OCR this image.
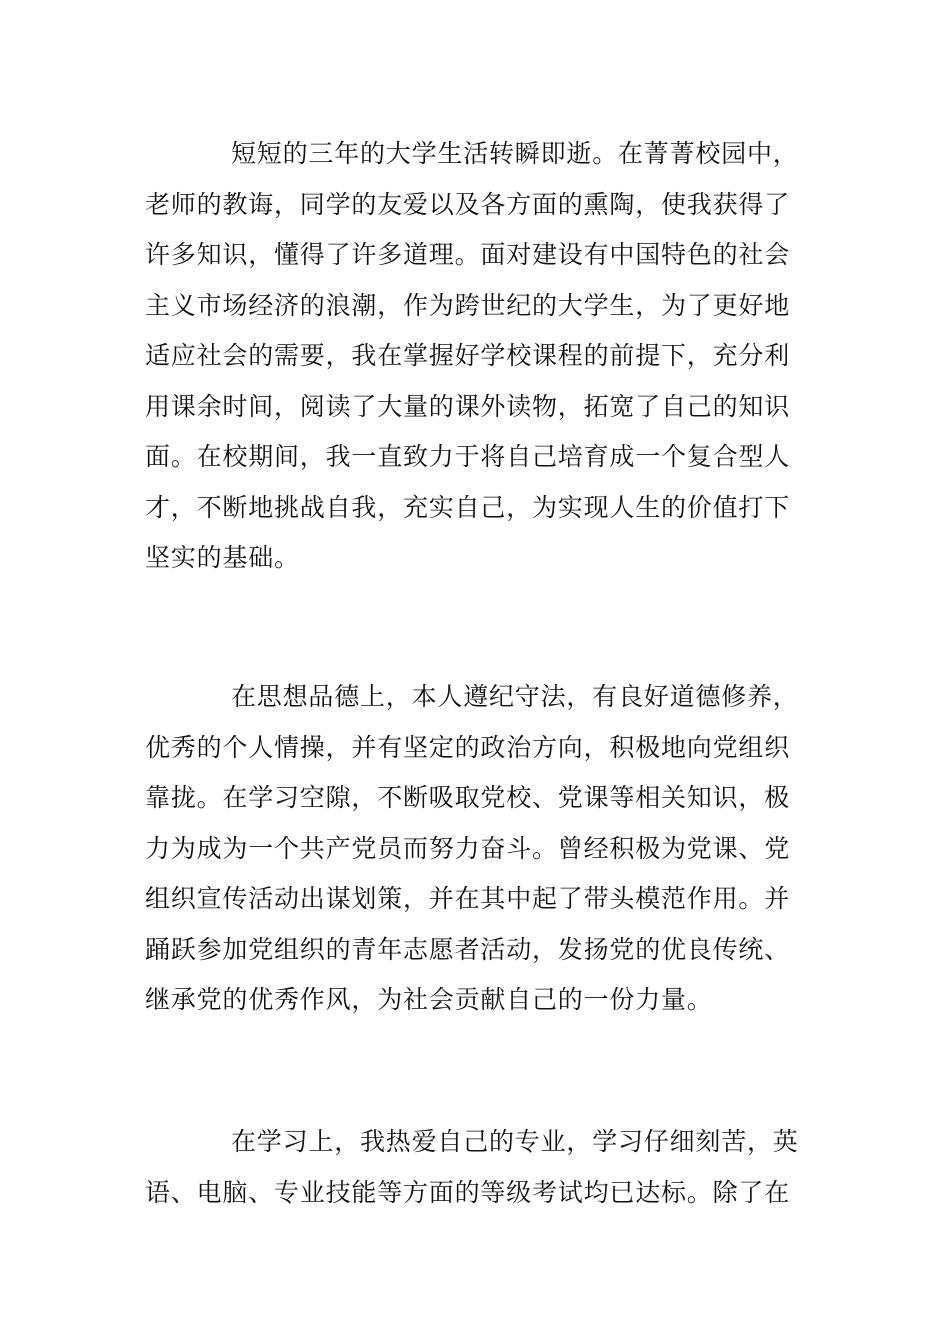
短短的三年的大学生活转瞬即逝。在菁菁校园中，
老师的教诲，同学的友爱以及各方面的熏陶，使我获得了
许多知识，懂得了许多道理。面对建设有中国特色的社会
主义市场经济的浪潮，作为跨世纪的大学生，为了更好地
适应社会的需要，我在掌握好学校课程的前提下，充分利
用课余时间，阅读了大量的课外读物，拓宽了自己的知识
面。在校期间，我一直致力于将自己培育成一个复合型人
才，不断地挑战自我，充实自己，为实现人生的价值打下
坚实的基础。
在思想品德上，本人遵纪守法，有良好道德修养，
优秀的个人情操，并有坚定的政治方向，积极地向党组织
靠拢。在学习空隙，不断吸取党校、党课等相关知识，极
力为成为一个共产党员而努力奋斗。曾经积极为党课、党
组织宣传活动出谋划策，并在其中起了带头模范作用。并
踊跃参加党组织的青年志愿者活动，发扬党的优良传统、
继承党的优秀作风，为社会贡献自己的一份力量。
在学习上，我热爱自己的专业，学习仔细刻苦，英
语、电脑、专业技能等方面的等级考试均已达标。除了在
